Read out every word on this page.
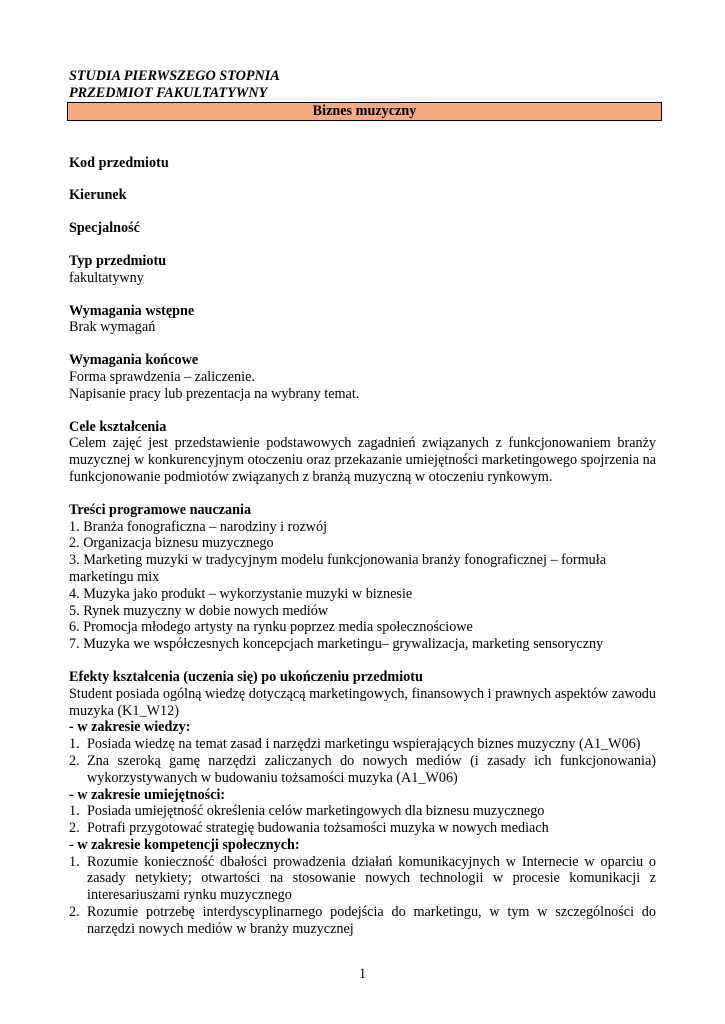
STUDIA PIERWSZEGO STOPNIA
PRZEDMIOT FAKULTATYWNY
Biznes muzyczny
Kod przedmiotu
Kierunek
Specjalność
Typ przedmiotu
fakultatywny
Wymagania wstępne
Brak wymagań
Wymagania końcowe
Forma sprawdzenia – zaliczenie.
Napisanie pracy lub prezentacja na wybrany temat.
Cele kształcenia
Celem zajęć jest przedstawienie podstawowych zagadnień związanych z funkcjonowaniem branży muzycznej w konkurencyjnym otoczeniu oraz przekazanie umiejętności marketingowego spojrzenia na funkcjonowanie podmiotów związanych z branżą muzyczną w otoczeniu rynkowym.
Treści programowe nauczania
1. Branża fonograficzna – narodziny i rozwój
2. Organizacja biznesu muzycznego
3. Marketing muzyki w tradycyjnym modelu funkcjonowania branży fonograficznej – formuła marketingu mix
4. Muzyka jako produkt – wykorzystanie muzyki w biznesie
5. Rynek muzyczny w dobie nowych mediów
6. Promocja młodego artysty na rynku poprzez media społecznościowe
7. Muzyka we współczesnych koncepcjach marketingu– grywalizacja, marketing sensoryczny
Efekty kształcenia (uczenia się) po ukończeniu przedmiotu
Student posiada ogólną wiedzę dotyczącą marketingowych, finansowych i prawnych aspektów zawodu muzyka (K1_W12)
- w zakresie wiedzy:
1. Posiada wiedzę na temat zasad i narzędzi marketingu wspierających biznes muzyczny (A1_W06)
2. Zna szeroką gamę narzędzi zaliczanych do nowych mediów (i zasady ich funkcjonowania) wykorzystywanych w budowaniu tożsamości muzyka (A1_W06)
- w zakresie umiejętności:
1. Posiada umiejętność określenia celów marketingowych dla biznesu muzycznego
2. Potrafi przygotować strategię budowania tożsamości muzyka w nowych mediach
- w zakresie kompetencji społecznych:
1. Rozumie konieczność dbałości prowadzenia działań komunikacyjnych w Internecie w oparciu o zasady netykiety; otwartości na stosowanie nowych technologii w procesie komunikacji z interesariuszami rynku muzycznego
2. Rozumie potrzebę interdyscyplinarnego podejścia do marketingu, w tym w szczególności do narzędzi nowych mediów w branży muzycznej
1
